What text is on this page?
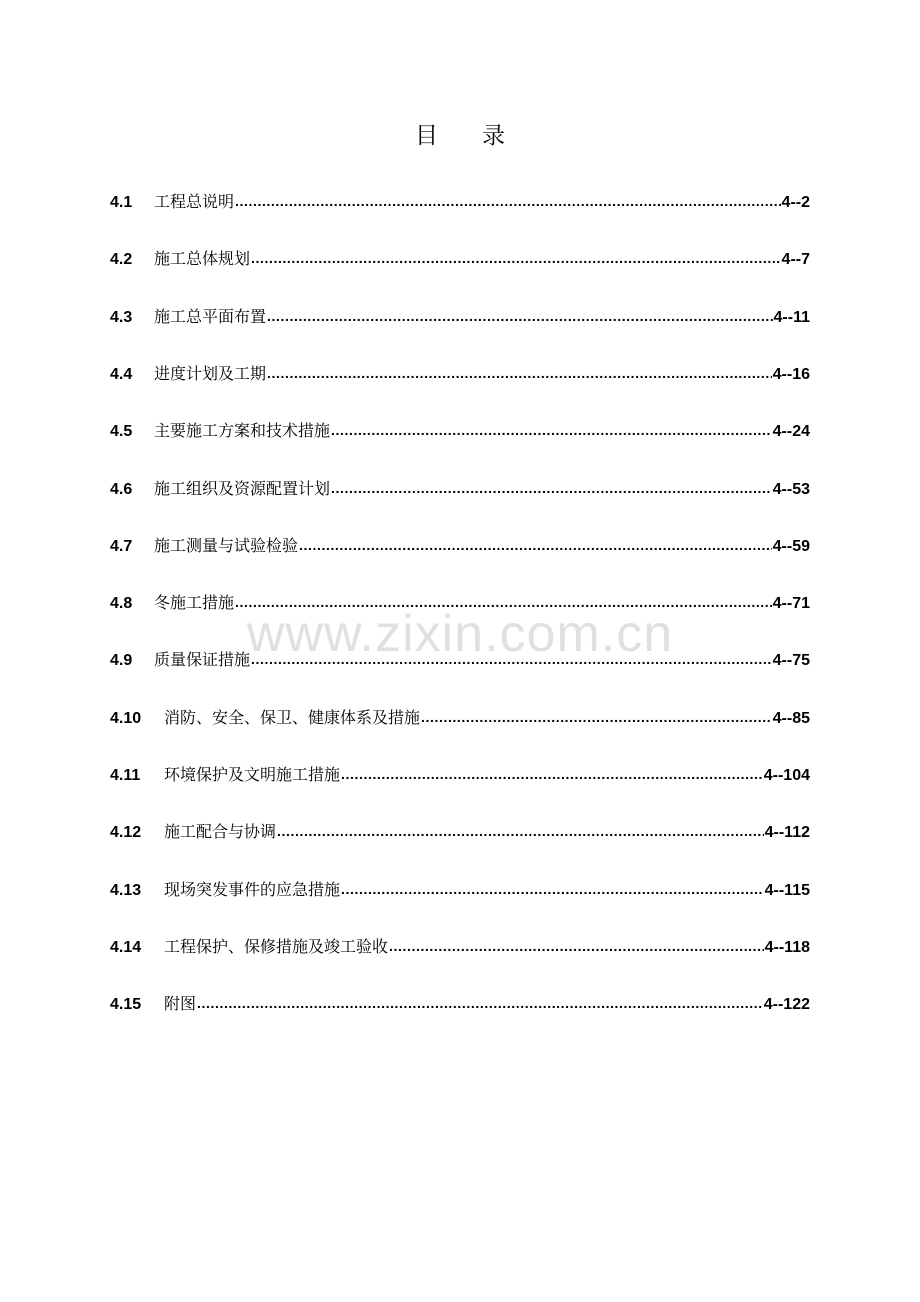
目 录
4.1	工程总说明 .....	4--2
4.2	施工总体规划 .....	4--7
4.3	施工总平面布置 .....	4--11
4.4	进度计划及工期 .....	4--16
4.5	主要施工方案和技术措施 .....	4--24
4.6	施工组织及资源配置计划 .....	4--53
4.7	施工测量与试验检验 .....	4--59
4.8	冬施工措施 .....	4--71
4.9	质量保证措施 .....	4--75
4.10	消防、安全、保卫、健康体系及措施 .....	4--85
4.11	环境保护及文明施工措施 .....	4--104
4.12	施工配合与协调 .....	4--112
4.13	现场突发事件的应急措施 .....	4--115
4.14	工程保护、保修措施及竣工验收 .....	4--118
4.15	附图 .....	4--122
www.zixin.com.cn
